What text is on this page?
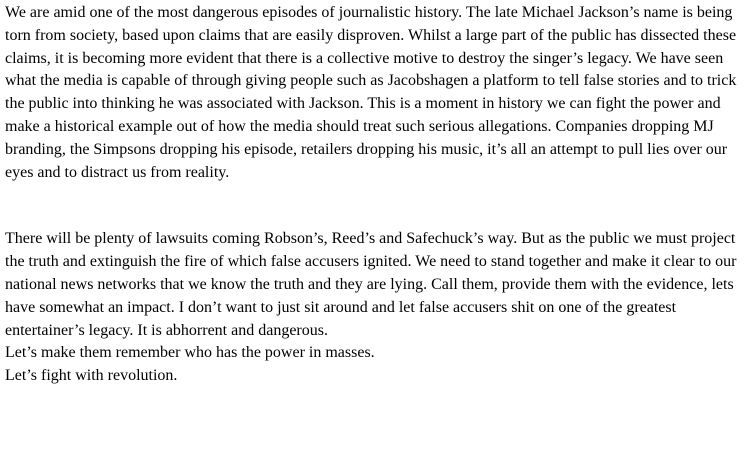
We are amid one of the most dangerous episodes of journalistic history. The late Michael Jackson’s name is being torn from society, based upon claims that are easily disproven. Whilst a large part of the public has dissected these claims, it is becoming more evident that there is a collective motive to destroy the singer’s legacy. We have seen what the media is capable of through giving people such as Jacobshagen a platform to tell false stories and to trick the public into thinking he was associated with Jackson. This is a moment in history we can fight the power and make a historical example out of how the media should treat such serious allegations. Companies dropping MJ branding, the Simpsons dropping his episode, retailers dropping his music, it’s all an attempt to pull lies over our eyes and to distract us from reality.

There will be plenty of lawsuits coming Robson’s, Reed’s and Safechuck’s way. But as the public we must project the truth and extinguish the fire of which false accusers ignited. We need to stand together and make it clear to our national news networks that we know the truth and they are lying. Call them, provide them with the evidence, lets have somewhat an impact. I don’t want to just sit around and let false accusers shit on one of the greatest entertainer’s legacy. It is abhorrent and dangerous.

Let’s make them remember who has the power in masses.

Let’s fight with revolution.
